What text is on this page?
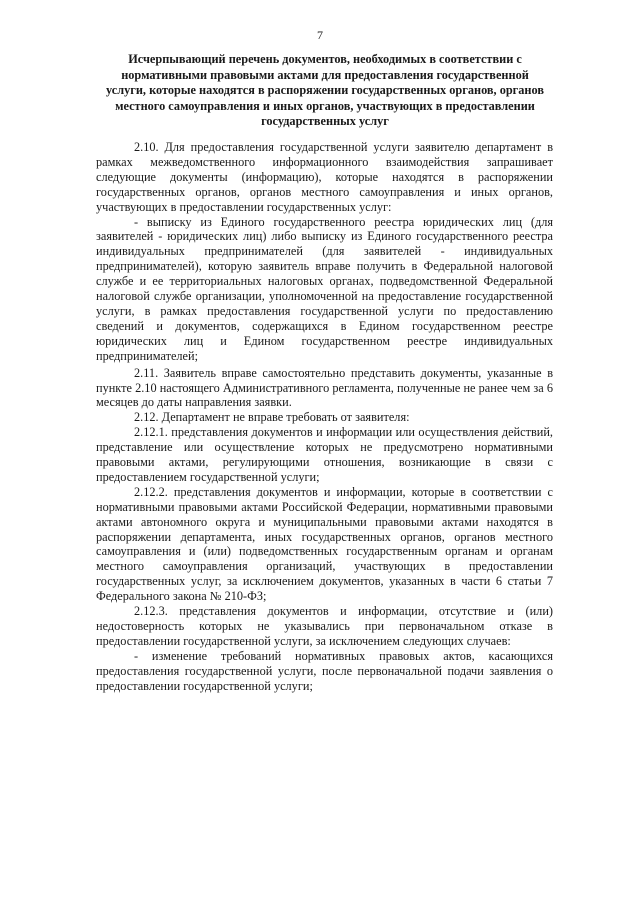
7
Исчерпывающий перечень документов, необходимых в соответствии с нормативными правовыми актами для предоставления государственной услуги, которые находятся в распоряжении государственных органов, органов местного самоуправления и иных органов, участвующих в предоставлении государственных услуг

2.10. Для предоставления государственной услуги заявителю департамент в рамках межведомственного информационного взаимодействия запрашивает следующие документы (информацию), которые находятся в распоряжении государственных органов, органов местного самоуправления и иных органов, участвующих в предоставлении государственных услуг:

- выписку из Единого государственного реестра юридических лиц (для заявителей - юридических лиц) либо выписку из Единого государственного реестра индивидуальных предпринимателей (для заявителей - индивидуальных предпринимателей), которую заявитель вправе получить в Федеральной налоговой службе и ее территориальных налоговых органах, подведомственной Федеральной налоговой службе организации, уполномоченной на предоставление государственной услуги, в рамках предоставления государственной услуги по предоставлению сведений и документов, содержащихся в Едином государственном реестре юридических лиц и Едином государственном реестре индивидуальных предпринимателей;

2.11. Заявитель вправе самостоятельно представить документы, указанные в пункте 2.10 настоящего Административного регламента, полученные не ранее чем за 6 месяцев до даты направления заявки.

2.12. Департамент не вправе требовать от заявителя:

2.12.1. представления документов и информации или осуществления действий, представление или осуществление которых не предусмотрено нормативными правовыми актами, регулирующими отношения, возникающие в связи с предоставлением государственной услуги;

2.12.2. представления документов и информации, которые в соответствии с нормативными правовыми актами Российской Федерации, нормативными правовыми актами автономного округа и муниципальными правовыми актами находятся в распоряжении департамента, иных государственных органов, органов местного самоуправления и (или) подведомственных государственным органам и органам местного самоуправления организаций, участвующих в предоставлении государственных услуг, за исключением документов, указанных в части 6 статьи 7 Федерального закона № 210-ФЗ;

2.12.3. представления документов и информации, отсутствие и (или) недостоверность которых не указывались при первоначальном отказе в предоставлении государственной услуги, за исключением следующих случаев:

- изменение требований нормативных правовых актов, касающихся предоставления государственной услуги, после первоначальной подачи заявления о предоставлении государственной услуги;
